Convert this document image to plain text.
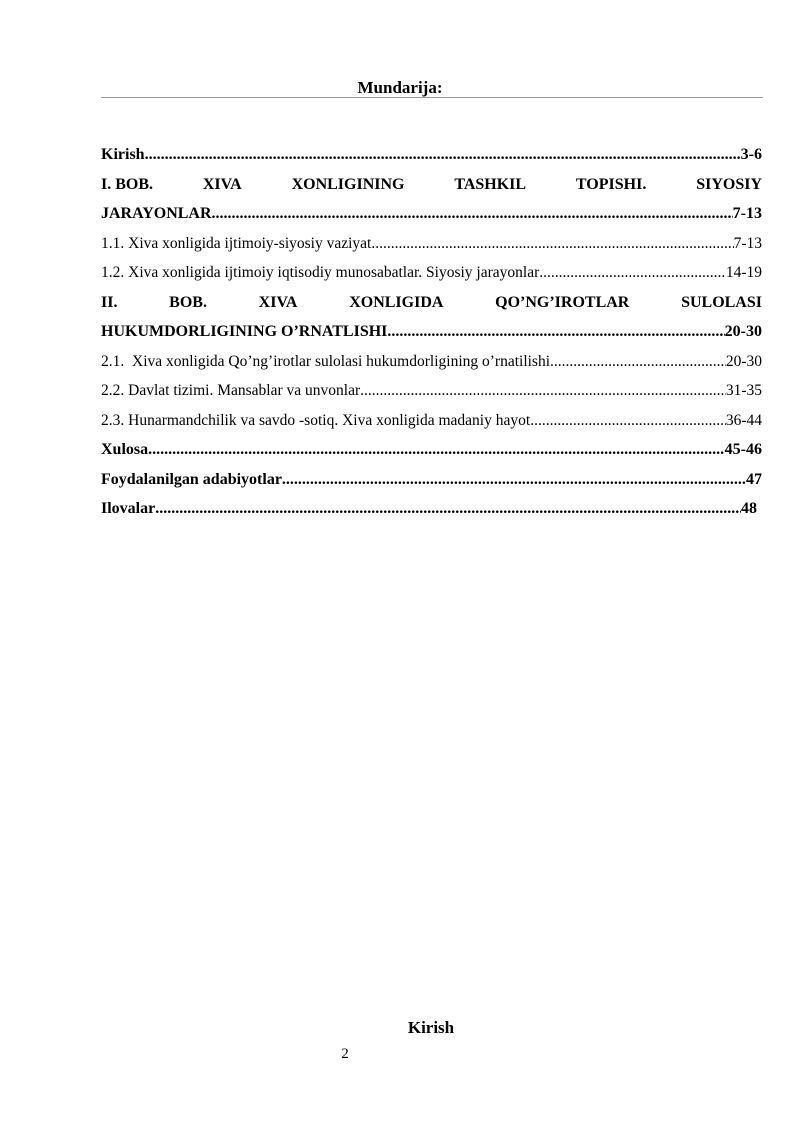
Mundarija:
Kirish .....	3-6
I. BOB.	XIVA	XONLIGINING	TASHKIL	TOPISHI.	SIYOSIY
JARAYONLAR .....	7-13
1.1. Xiva xonligida ijtimoiy-siyosiy vaziyat .....	7-13
1.2. Xiva xonligida ijtimoiy iqtisodiy munosabatlar. Siyosiy jarayonlar .....	14-19
II.	BOB.	XIVA	XONLIGIDA	QO’NG’IROTLAR	SULOLASI
HUKUMDORLIGINING O’RNATLISHI .....	20-30
2.1.  Xiva xonligida Qo’ng’irotlar sulolasi hukumdorligining o’rnatilishi .....	20-30
2.2. Davlat tizimi. Mansablar va unvonlar .....	31-35
2.3. Hunarmandchilik va savdo -sotiq. Xiva xonligida madaniy hayot .....	36-44
Xulosa .....	45-46
Foydalanilgan adabiyotlar .....	47
Ilovalar .....	48
Kirish
2
